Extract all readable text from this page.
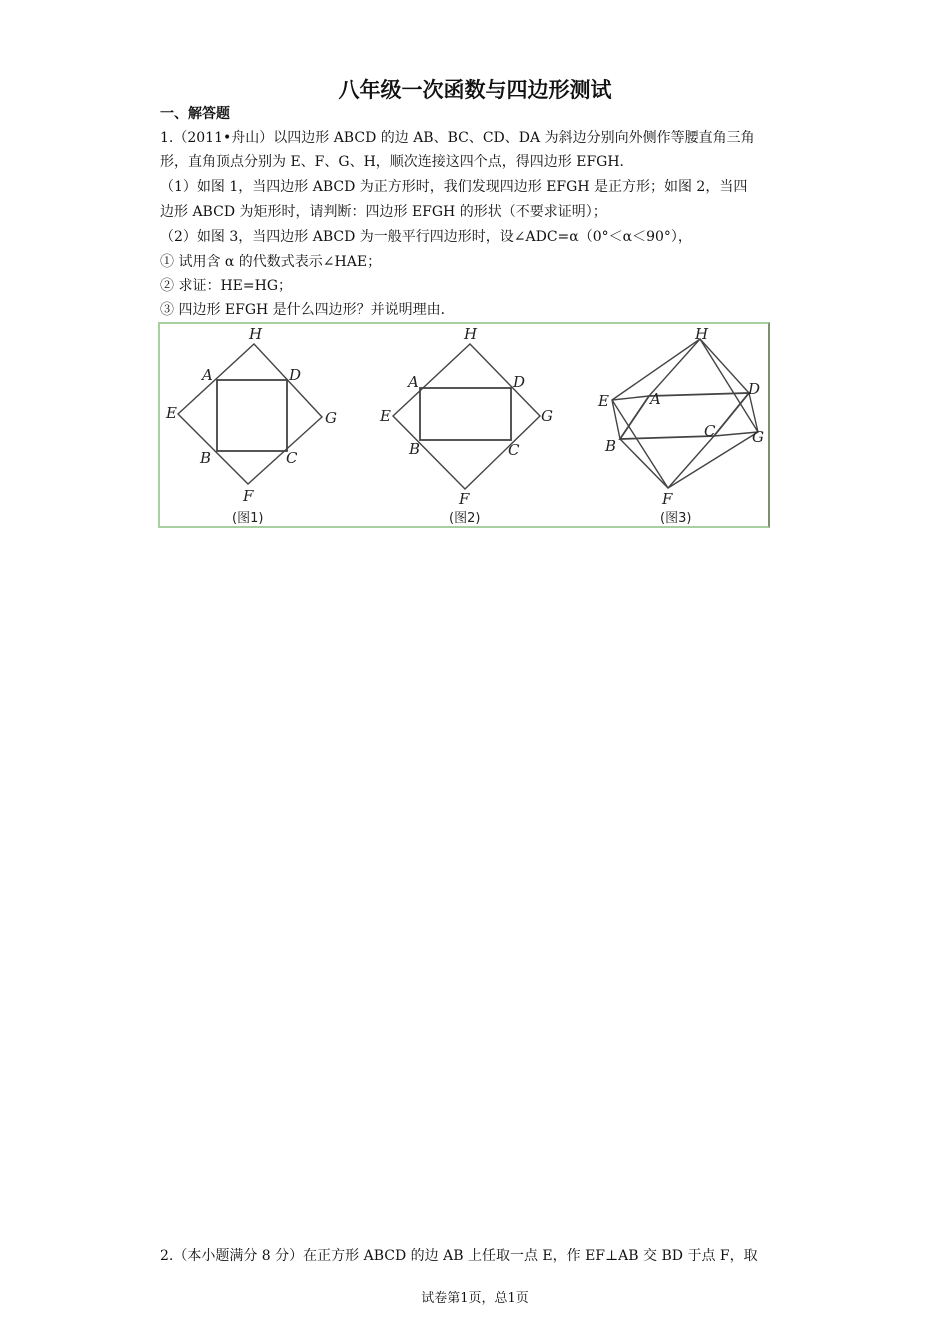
八年级一次函数与四边形测试
一、解答题
1.（2011•舟山）以四边形 ABCD 的边 AB、BC、CD、DA 为斜边分别向外侧作等腰直角三角
形，直角顶点分别为 E、F、G、H，顺次连接这四个点，得四边形 EFGH．
（1）如图 1，当四边形 ABCD 为正方形时，我们发现四边形 EFGH 是正方形；如图 2，当四
边形 ABCD 为矩形时，请判断：四边形 EFGH 的形状（不要求证明）；
（2）如图 3，当四边形 ABCD 为一般平行四边形时，设∠ADC=α（0°＜α＜90°），
① 试用含 α 的代数式表示∠HAE；
② 求证：HE=HG；
③ 四边形 EFGH 是什么四边形？并说明理由．
H
A	D
E	G
B	C
F
(图1)
H
A	D
E	G
B	C
F
(图2)
H
A
D
E
G
B
C
F
(图3)
2.（本小题满分 8 分）在正方形 ABCD 的边 AB 上任取一点 E，作 EF⊥AB 交 BD 于点 F，取
试卷第1页，总1页
